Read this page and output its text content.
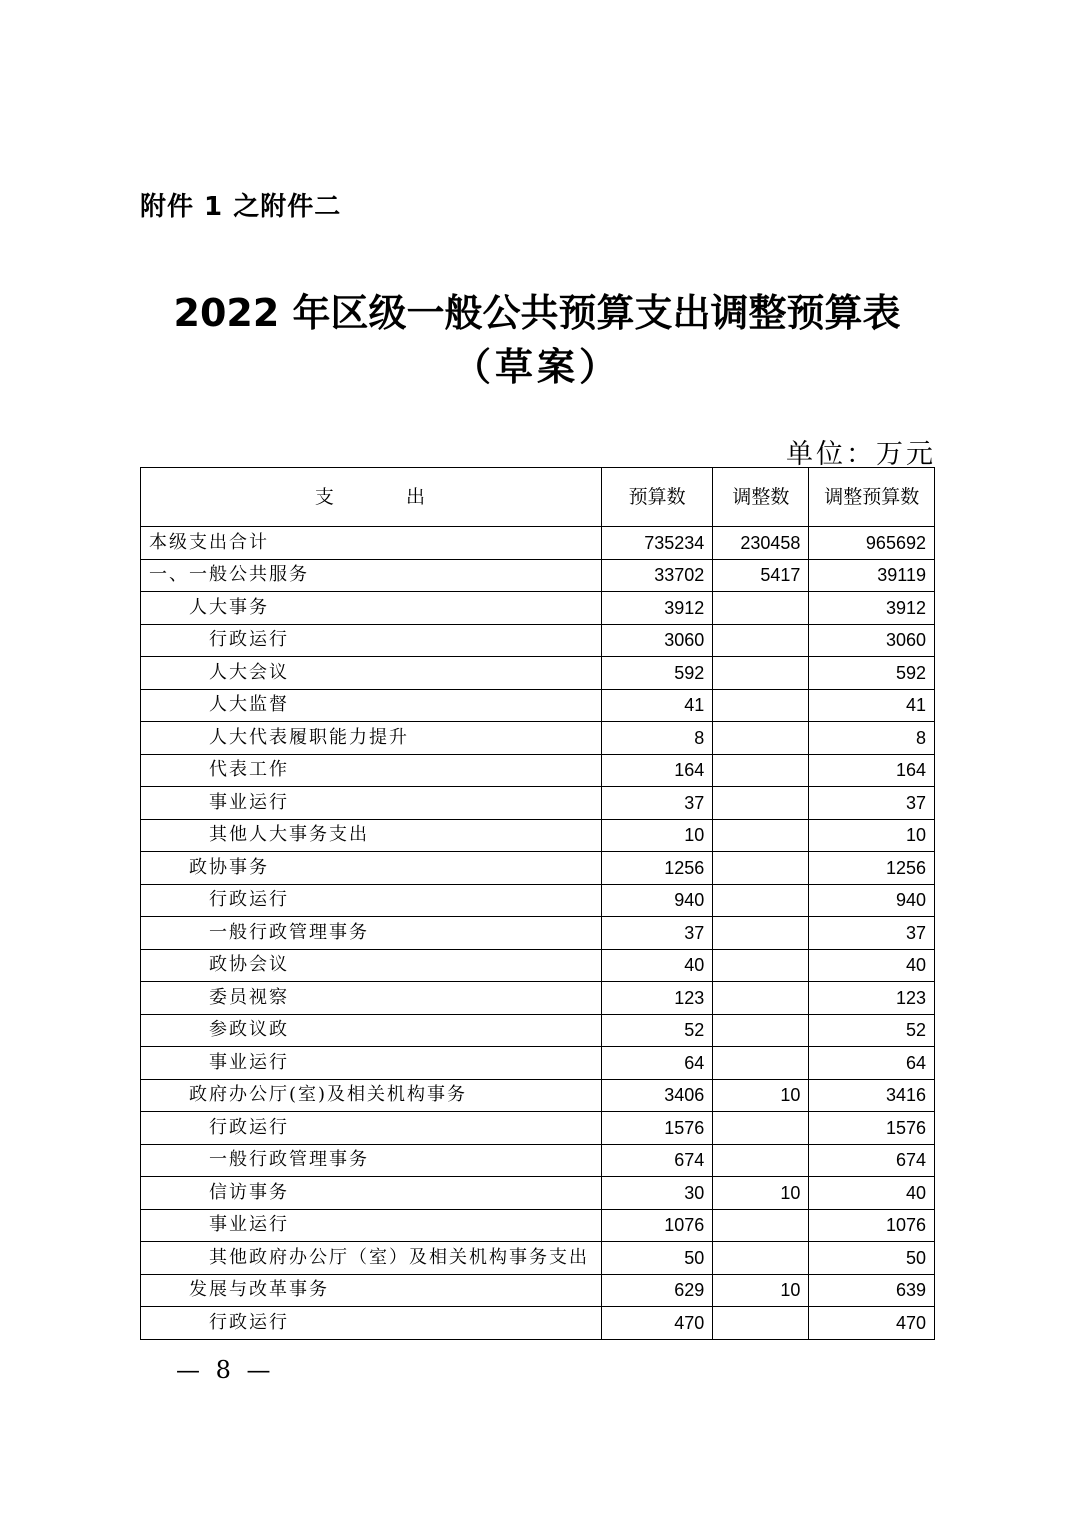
附件 1 之附件二
2022 年区级一般公共预算支出调整预算表
（草案）
单位：万元
支 出	预算数	调整数	调整预算数
本级支出合计	735234	230458	965692
一、一般公共服务	33702	5417	39119
人大事务	3912		3912
行政运行	3060		3060
人大会议	592		592
人大监督	41		41
人大代表履职能力提升	8		8
代表工作	164		164
事业运行	37		37
其他人大事务支出	10		10
政协事务	1256		1256
行政运行	940		940
一般行政管理事务	37		37
政协会议	40		40
委员视察	123		123
参政议政	52		52
事业运行	64		64
政府办公厅(室)及相关机构事务	3406	10	3416
行政运行	1576		1576
一般行政管理事务	674		674
信访事务	30	10	40
事业运行	1076		1076
其他政府办公厅（室）及相关机构事务支出	50		50
发展与改革事务	629	10	639
行政运行	470		470
— 8 —
